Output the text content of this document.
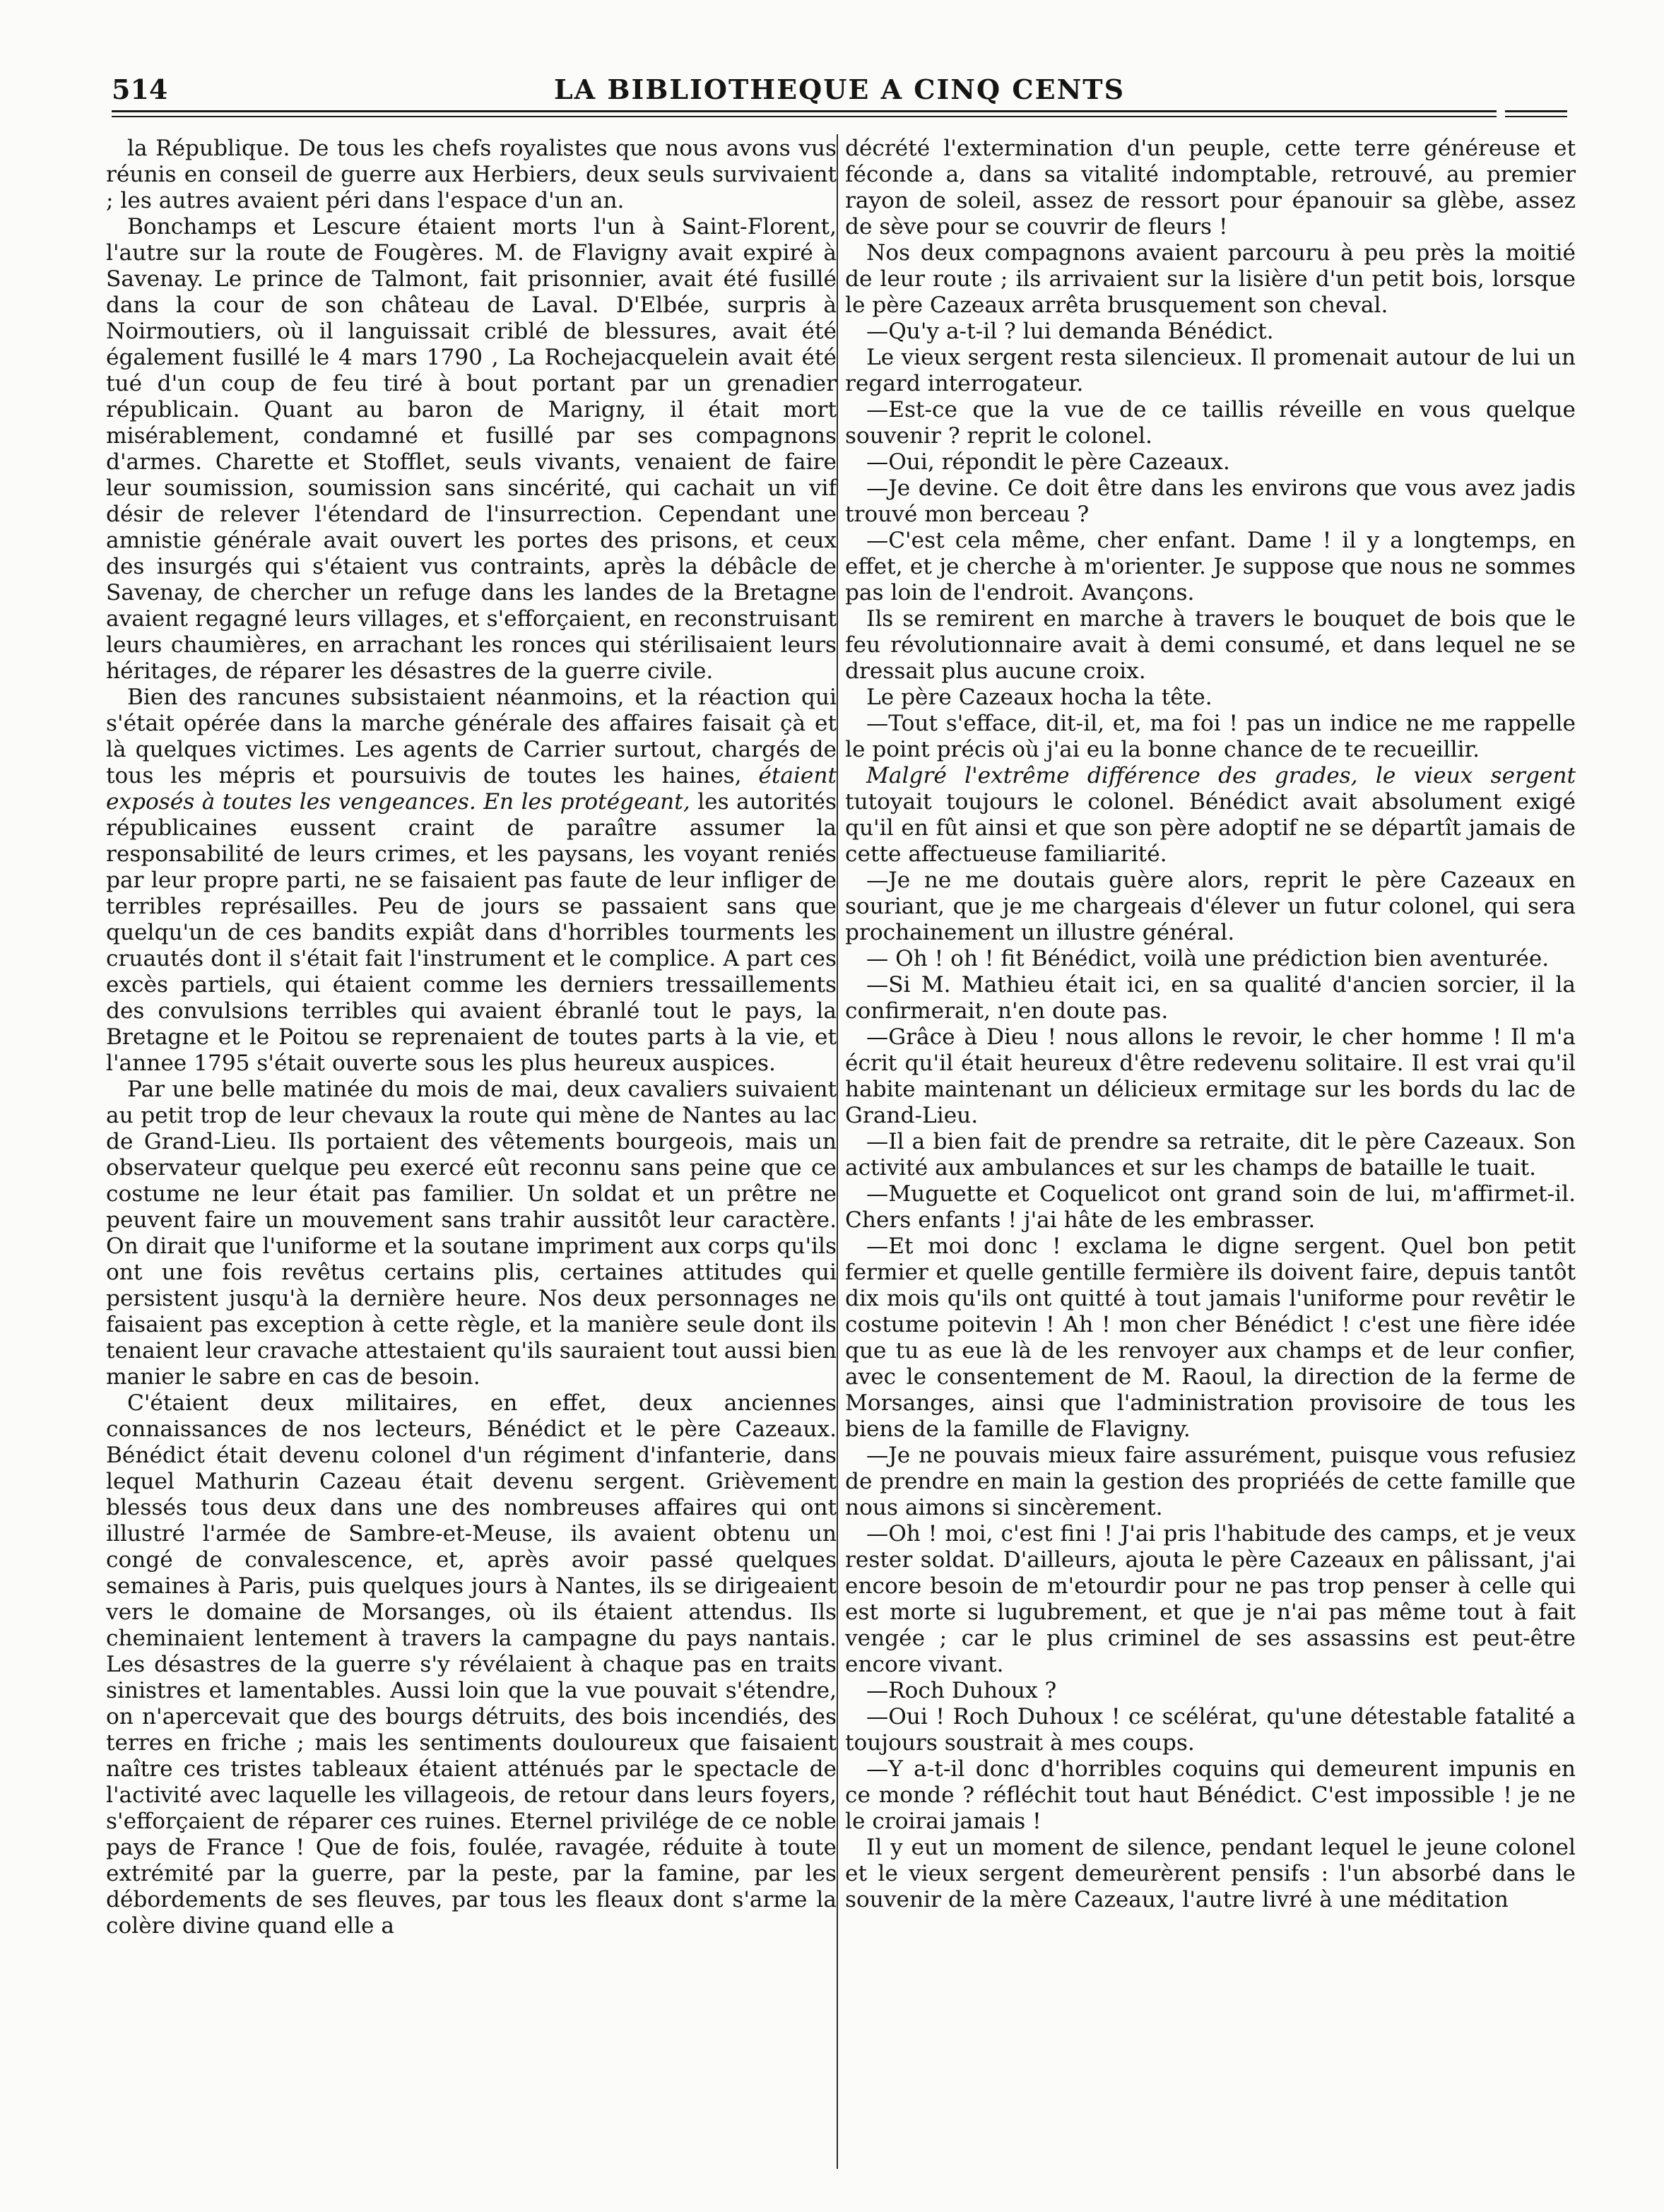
514	LA BIBLIOTHEQUE A CINQ CENTS

la République. De tous les chefs royalistes que nous avons vus réunis en conseil de guerre aux Herbiers, deux seuls survivaient ; les autres avaient péri dans l'espace d'un an.

Bonchamps et Lescure étaient morts l'un à Saint-Florent, l'autre sur la route de Fougères. M. de Flavigny avait expiré à Savenay. Le prince de Talmont, fait prisonnier, avait été fusillé dans la cour de son château de Laval. D'Elbée, surpris à Noirmoutiers, où il languissait criblé de blessures, avait été également fusillé le 4 mars 1790 , La Rochejacquelein avait été tué d'un coup de feu tiré à bout portant par un grenadier républicain. Quant au baron de Marigny, il était mort misérablement, condamné et fusillé par ses compagnons d'armes. Charette et Stofflet, seuls vivants, venaient de faire leur soumission, soumission sans sincérité, qui cachait un vif désir de relever l'étendard de l'insurrection. Cependant une amnistie générale avait ouvert les portes des prisons, et ceux des insurgés qui s'étaient vus contraints, après la débâcle de Savenay, de chercher un refuge dans les landes de la Bretagne avaient regagné leurs villages, et s'efforçaient, en reconstruisant leurs chaumières, en arrachant les ronces qui stérilisaient leurs héritages, de réparer les désastres de la guerre civile.

Bien des rancunes subsistaient néanmoins, et la réaction qui s'était opérée dans la marche générale des affaires faisait çà et là quelques victimes. Les agents de Carrier surtout, chargés de tous les mépris et poursuivis de toutes les haines, étaient exposés à toutes les vengeances. En les protégeant, les autorités républicaines eussent craint de paraître assumer la responsabilité de leurs crimes, et les paysans, les voyant reniés par leur propre parti, ne se faisaient pas faute de leur infliger de terribles représailles. Peu de jours se passaient sans que quelqu'un de ces bandits expiât dans d'horribles tourments les cruautés dont il s'était fait l'instrument et le complice. A part ces excès partiels, qui étaient comme les derniers tressaillements des convulsions terribles qui avaient ébranlé tout le pays, la Bretagne et le Poitou se reprenaient de toutes parts à la vie, et l'annee 1795 s'était ouverte sous les plus heureux auspices.

Par une belle matinée du mois de mai, deux cavaliers suivaient au petit trop de leur chevaux la route qui mène de Nantes au lac de Grand-Lieu. Ils portaient des vêtements bourgeois, mais un observateur quelque peu exercé eût reconnu sans peine que ce costume ne leur était pas familier. Un soldat et un prêtre ne peuvent faire un mouvement sans trahir aussitôt leur caractère. On dirait que l'uniforme et la soutane impriment aux corps qu'ils ont une fois revêtus certains plis, certaines attitudes qui persistent jusqu'à la dernière heure. Nos deux personnages ne faisaient pas exception à cette règle, et la manière seule dont ils tenaient leur cravache attestaient qu'ils sauraient tout aussi bien manier le sabre en cas de besoin.

C'étaient deux militaires, en effet, deux anciennes connaissances de nos lecteurs, Bénédict et le père Cazeaux. Bénédict était devenu colonel d'un régiment d'infanterie, dans lequel Mathurin Cazeau était devenu sergent. Grièvement blessés tous deux dans une des nombreuses affaires qui ont illustré l'armée de Sambre-et-Meuse, ils avaient obtenu un congé de convalescence, et, après avoir passé quelques semaines à Paris, puis quelques jours à Nantes, ils se dirigeaient vers le domaine de Morsanges, où ils étaient attendus. Ils cheminaient lentement à travers la campagne du pays nantais. Les désastres de la guerre s'y révélaient à chaque pas en traits sinistres et lamentables. Aussi loin que la vue pouvait s'étendre, on n'apercevait que des bourgs détruits, des bois incendiés, des terres en friche ; mais les sentiments douloureux que faisaient naître ces tristes tableaux étaient atténués par le spectacle de l'activité avec laquelle les villageois, de retour dans leurs foyers, s'efforçaient de réparer ces ruines. Eternel privilége de ce noble pays de France ! Que de fois, foulée, ravagée, réduite à toute extrémité par la guerre, par la peste, par la famine, par les débordements de ses fleuves, par tous les fleaux dont s'arme la colère divine quand elle a

décrété l'extermination d'un peuple, cette terre généreuse et féconde a, dans sa vitalité indomptable, retrouvé, au premier rayon de soleil, assez de ressort pour épanouir sa glèbe, assez de sève pour se couvrir de fleurs !

Nos deux compagnons avaient parcouru à peu près la moitié de leur route ; ils arrivaient sur la lisière d'un petit bois, lorsque le père Cazeaux arrêta brusquement son cheval.

—Qu'y a-t-il ? lui demanda Bénédict.

Le vieux sergent resta silencieux. Il promenait autour de lui un regard interrogateur.

—Est-ce que la vue de ce taillis réveille en vous quelque souvenir ? reprit le colonel.

—Oui, répondit le père Cazeaux.

—Je devine. Ce doit être dans les environs que vous avez jadis trouvé mon berceau ?

—C'est cela même, cher enfant. Dame ! il y a longtemps, en effet, et je cherche à m'orienter. Je suppose que nous ne sommes pas loin de l'endroit. Avançons.

Ils se remirent en marche à travers le bouquet de bois que le feu révolutionnaire avait à demi consumé, et dans lequel ne se dressait plus aucune croix.

Le père Cazeaux hocha la tête.

—Tout s'efface, dit-il, et, ma foi ! pas un indice ne me rappelle le point précis où j'ai eu la bonne chance de te recueillir.

Malgré l'extrême différence des grades, le vieux sergent tutoyait toujours le colonel. Bénédict avait absolument exigé qu'il en fût ainsi et que son père adoptif ne se départît jamais de cette affectueuse familiarité.

—Je ne me doutais guère alors, reprit le père Cazeaux en souriant, que je me chargeais d'élever un futur colonel, qui sera prochainement un illustre général.

— Oh ! oh ! fit Bénédict, voilà une prédiction bien aventurée.

—Si M. Mathieu était ici, en sa qualité d'ancien sorcier, il la confirmerait, n'en doute pas.

—Grâce à Dieu ! nous allons le revoir, le cher homme ! Il m'a écrit qu'il était heureux d'être redevenu solitaire. Il est vrai qu'il habite maintenant un délicieux ermitage sur les bords du lac de Grand-Lieu.

—Il a bien fait de prendre sa retraite, dit le père Cazeaux. Son activité aux ambulances et sur les champs de bataille le tuait.

—Muguette et Coquelicot ont grand soin de lui, m'affirmet-il. Chers enfants ! j'ai hâte de les embrasser.

—Et moi donc ! exclama le digne sergent. Quel bon petit fermier et quelle gentille fermière ils doivent faire, depuis tantôt dix mois qu'ils ont quitté à tout jamais l'uniforme pour revêtir le costume poitevin ! Ah ! mon cher Bénédict ! c'est une fière idée que tu as eue là de les renvoyer aux champs et de leur confier, avec le consentement de M. Raoul, la direction de la ferme de Morsanges, ainsi que l'administration provisoire de tous les biens de la famille de Flavigny.

—Je ne pouvais mieux faire assurément, puisque vous refusiez de prendre en main la gestion des propriéés de cette famille que nous aimons si sincèrement.

—Oh ! moi, c'est fini ! J'ai pris l'habitude des camps, et je veux rester soldat. D'ailleurs, ajouta le père Cazeaux en pâlissant, j'ai encore besoin de m'etourdir pour ne pas trop penser à celle qui est morte si lugubrement, et que je n'ai pas même tout à fait vengée ; car le plus criminel de ses assassins est peut-être encore vivant.

—Roch Duhoux ?

—Oui ! Roch Duhoux ! ce scélérat, qu'une détestable fatalité a toujours soustrait à mes coups.

—Y a-t-il donc d'horribles coquins qui demeurent impunis en ce monde ? réfléchit tout haut Bénédict. C'est impossible ! je ne le croirai jamais !

Il y eut un moment de silence, pendant lequel le jeune colonel et le vieux sergent demeurèrent pensifs : l'un absorbé dans le souvenir de la mère Cazeaux, l'autre livré à une méditation
